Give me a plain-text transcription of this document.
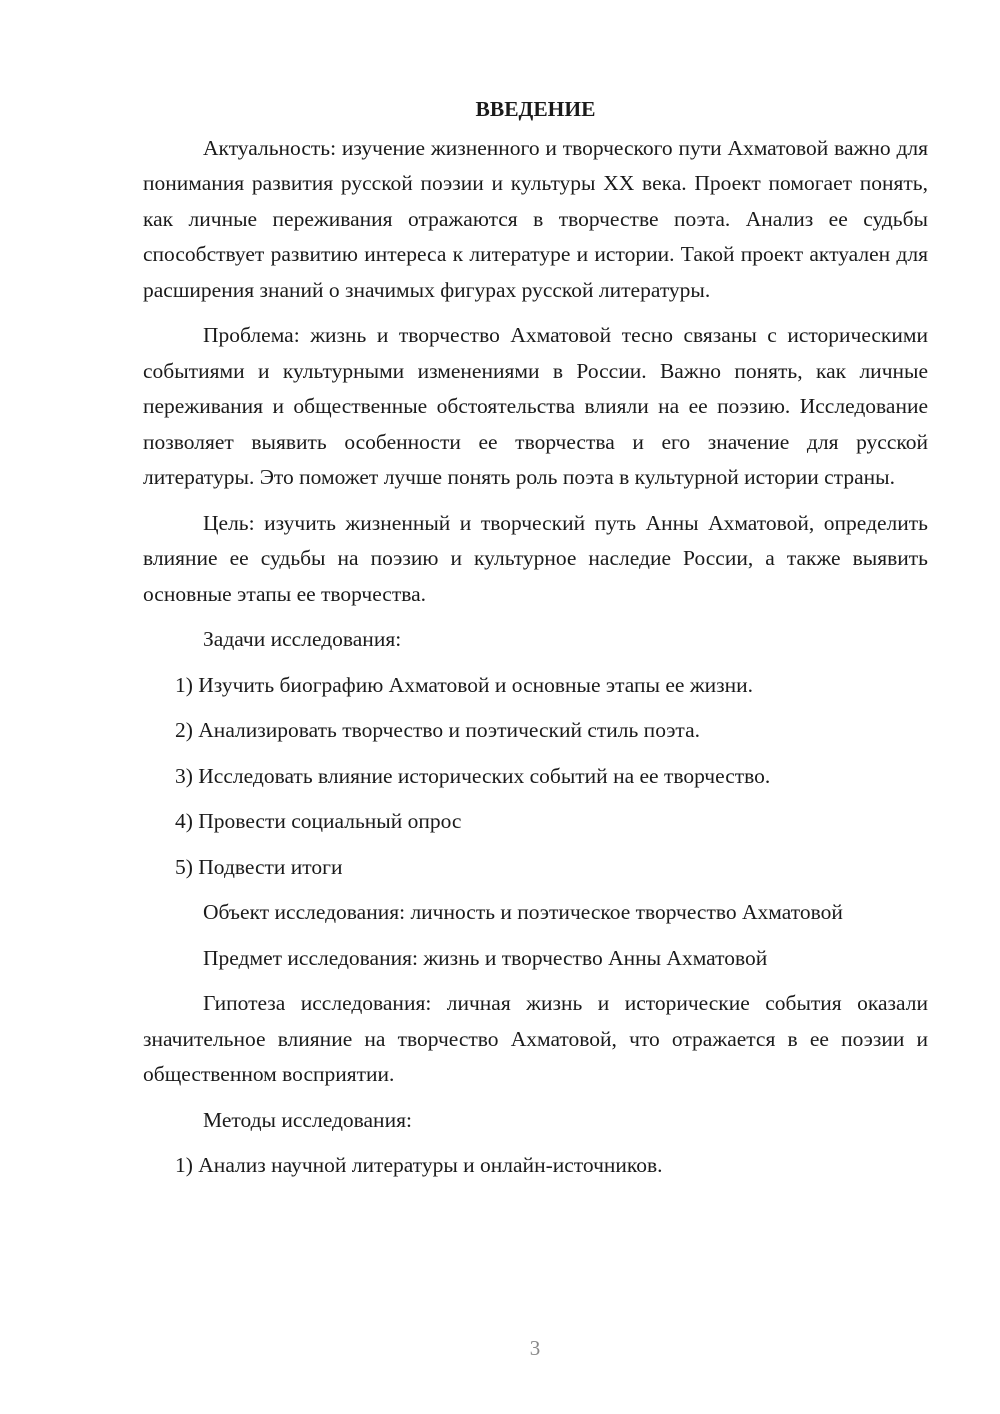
ВВЕДЕНИЕ

Актуальность: изучение жизненного и творческого пути Ахматовой важно для понимания развития русской поэзии и культуры XX века. Проект помогает понять, как личные переживания отражаются в творчестве поэта. Анализ ее судьбы способствует развитию интереса к литературе и истории. Такой проект актуален для расширения знаний о значимых фигурах русской литературы.

Проблема: жизнь и творчество Ахматовой тесно связаны с историческими событиями и культурными изменениями в России. Важно понять, как личные переживания и общественные обстоятельства влияли на ее поэзию. Исследование позволяет выявить особенности ее творчества и его значение для русской литературы. Это поможет лучше понять роль поэта в культурной истории страны.

Цель: изучить жизненный и творческий путь Анны Ахматовой, определить влияние ее судьбы на поэзию и культурное наследие России, а также выявить основные этапы ее творчества.

Задачи исследования:

1) Изучить биографию Ахматовой и основные этапы ее жизни.

2) Анализировать творчество и поэтический стиль поэта.

3) Исследовать влияние исторических событий на ее творчество.

4) Провести социальный опрос

5) Подвести итоги

Объект исследования: личность и поэтическое творчество Ахматовой

Предмет исследования: жизнь и творчество Анны Ахматовой

Гипотеза исследования: личная жизнь и исторические события оказали значительное влияние на творчество Ахматовой, что отражается в ее поэзии и общественном восприятии.

Методы исследования:

1) Анализ научной литературы и онлайн-источников.

3
